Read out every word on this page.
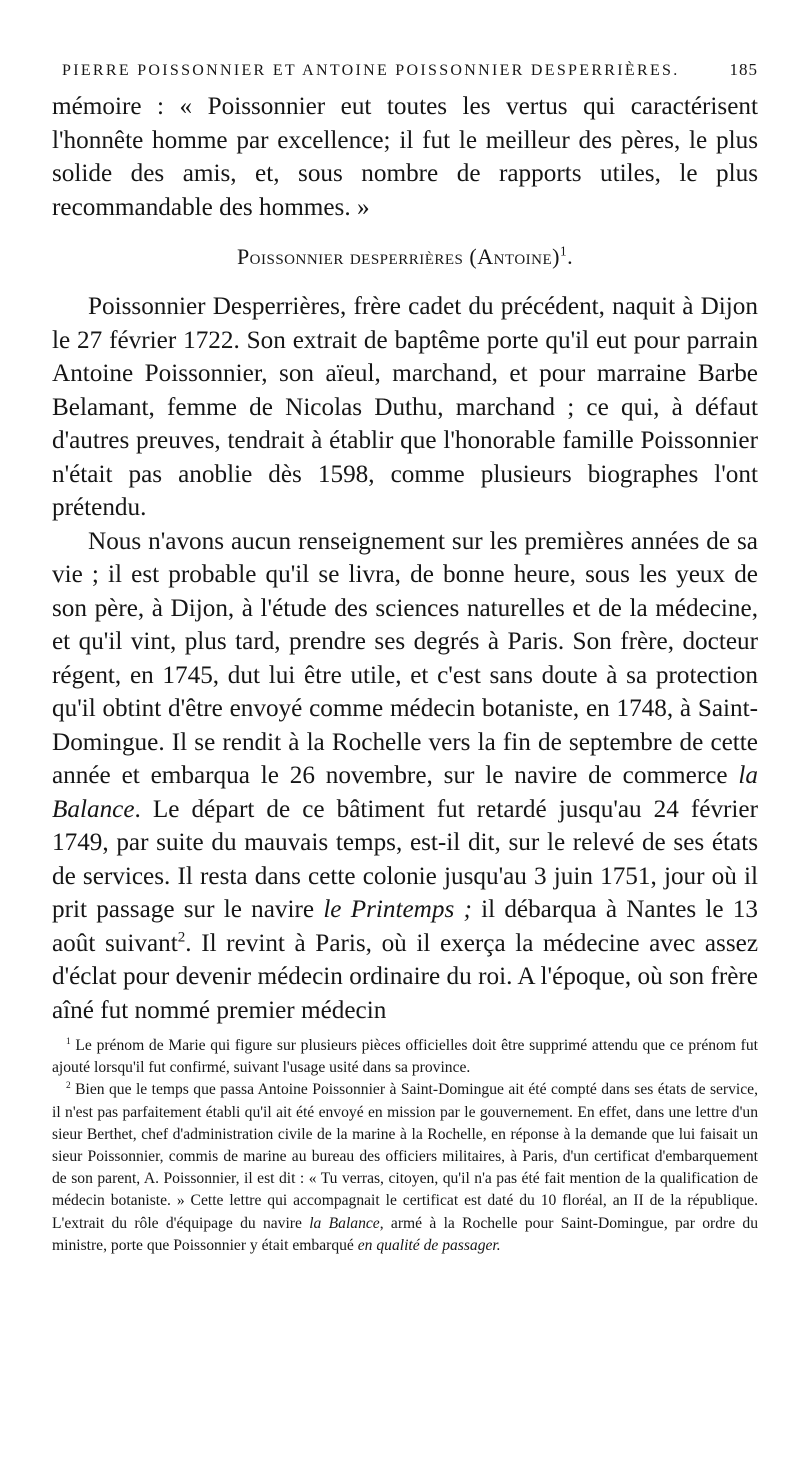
PIERRE POISSONNIER ET ANTOINE POISSONNIER DESPERRIÈRES.	185

mémoire : « Poissonnier eut toutes les vertus qui caractérisent l'honnête homme par excellence; il fut le meilleur des pères, le plus solide des amis, et, sous nombre de rapports utiles, le plus recommandable des hommes. »

Poissonnier desperrières (Antoine)$^1$.

Poissonnier Desperrières, frère cadet du précédent, naquit à Dijon le 27 février 1722. Son extrait de baptême porte qu'il eut pour parrain Antoine Poissonnier, son aïeul, marchand, et pour marraine Barbe Belamant, femme de Nicolas Duthu, marchand ; ce qui, à défaut d'autres preuves, tendrait à établir que l'honorable famille Poissonnier n'était pas anoblie dès 1598, comme plusieurs biographes l'ont prétendu.

Nous n'avons aucun renseignement sur les premières années de sa vie ; il est probable qu'il se livra, de bonne heure, sous les yeux de son père, à Dijon, à l'étude des sciences naturelles et de la médecine, et qu'il vint, plus tard, prendre ses degrés à Paris. Son frère, docteur régent, en 1745, dut lui être utile, et c'est sans doute à sa protection qu'il obtint d'être envoyé comme médecin botaniste, en 1748, à Saint-Domingue. Il se rendit à la Rochelle vers la fin de septembre de cette année et embarqua le 26 novembre, sur le navire de commerce la Balance. Le départ de ce bâtiment fut retardé jusqu'au 24 février 1749, par suite du mauvais temps, est-il dit, sur le relevé de ses états de services. Il resta dans cette colonie jusqu'au 3 juin 1751, jour où il prit passage sur le navire le Printemps ; il débarqua à Nantes le 13 août suivant$^2$. Il revint à Paris, où il exerça la médecine avec assez d'éclat pour devenir médecin ordinaire du roi. A l'époque, où son frère aîné fut nommé premier médecin

$^1$ Le prénom de Marie qui figure sur plusieurs pièces officielles doit être supprimé attendu que ce prénom fut ajouté lorsqu'il fut confirmé, suivant l'usage usité dans sa province.

$^2$ Bien que le temps que passa Antoine Poissonnier à Saint-Domingue ait été compté dans ses états de service, il n'est pas parfaitement établi qu'il ait été envoyé en mission par le gouvernement. En effet, dans une lettre d'un sieur Berthet, chef d'administration civile de la marine à la Rochelle, en réponse à la demande que lui faisait un sieur Poissonnier, commis de marine au bureau des officiers militaires, à Paris, d'un certificat d'embarquement de son parent, A. Poissonnier, il est dit : « Tu verras, citoyen, qu'il n'a pas été fait mention de la qualification de médecin botaniste. » Cette lettre qui accompagnait le certificat est daté du 10 floréal, an II de la république. L'extrait du rôle d'équipage du navire la Balance, armé à la Rochelle pour Saint-Domingue, par ordre du ministre, porte que Poissonnier y était embarqué en qualité de passager.
